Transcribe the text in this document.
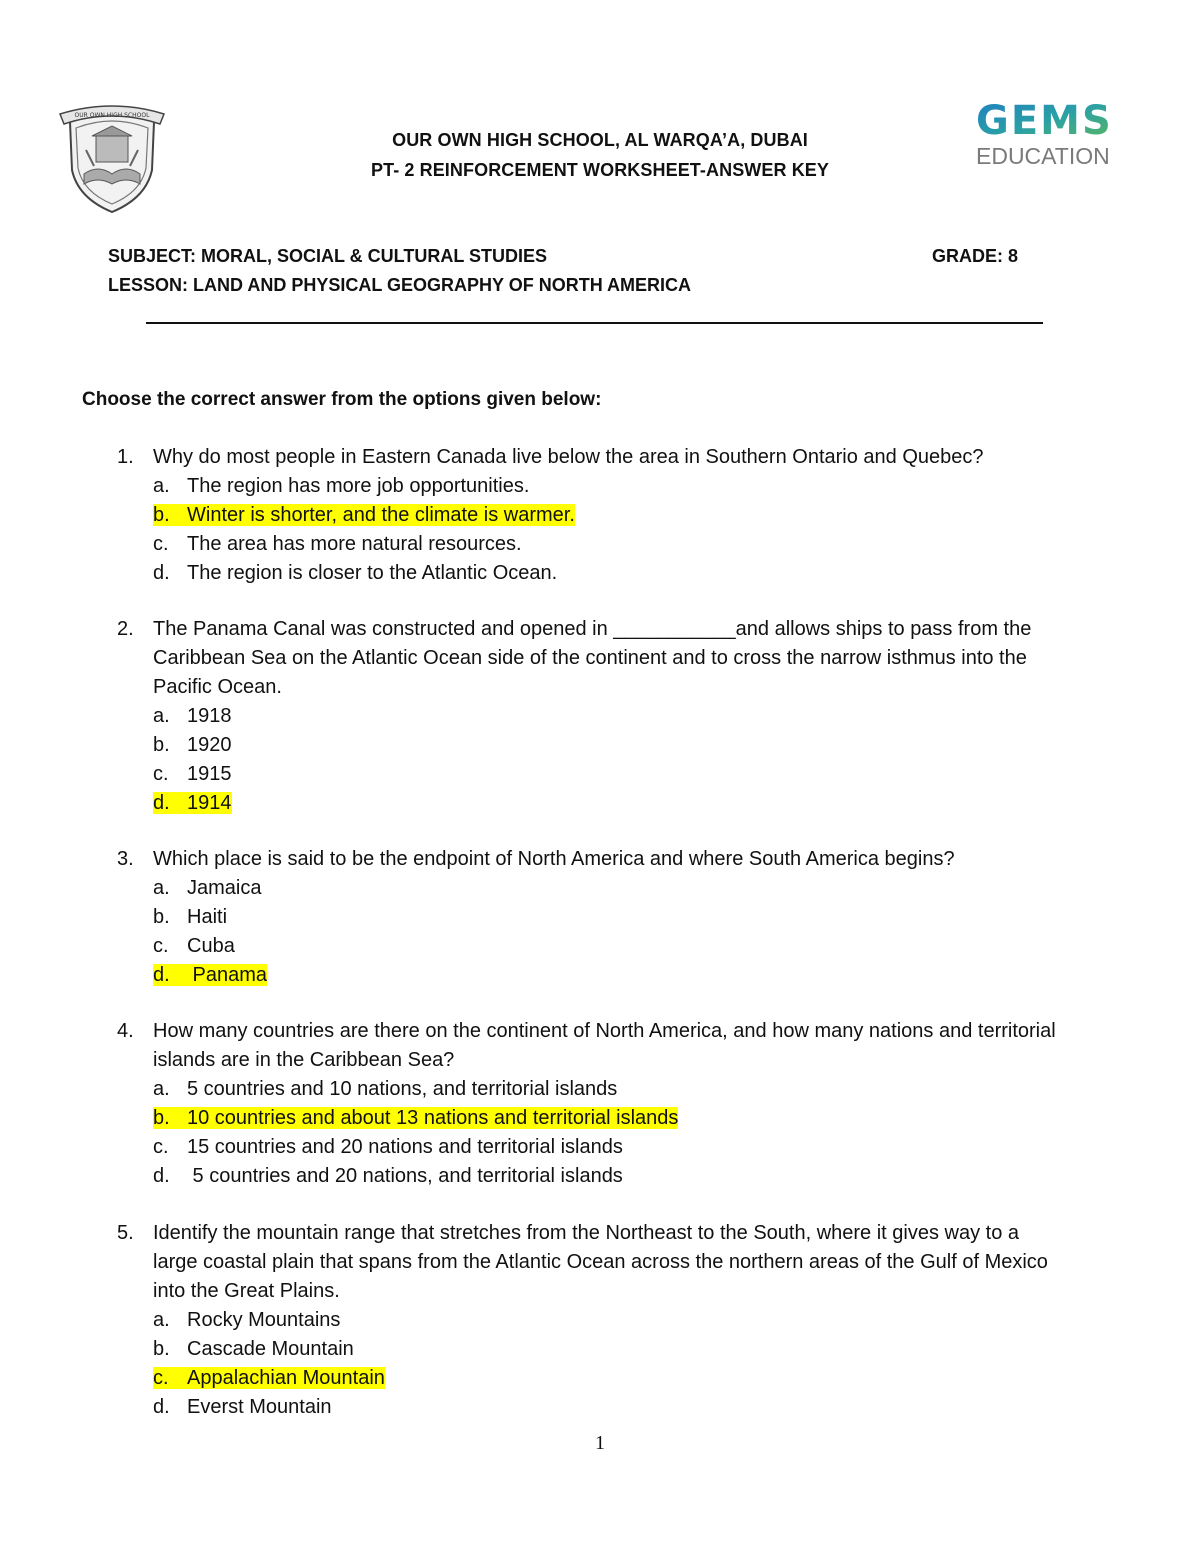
OUR OWN HIGH SCHOOL	GEMS
EDUCATION
OUR OWN HIGH SCHOOL, AL WARQA’A, DUBAI
PT- 2 REINFORCEMENT WORKSHEET-ANSWER KEY
SUBJECT: MORAL, SOCIAL & CULTURAL STUDIES	GRADE: 8
LESSON: LAND AND PHYSICAL GEOGRAPHY OF NORTH AMERICA
Choose the correct answer from the options given below:
1. Why do most people in Eastern Canada live below the area in Southern Ontario and Quebec?
a. The region has more job opportunities.
b. Winter is shorter, and the climate is warmer.
c. The area has more natural resources.
d. The region is closer to the Atlantic Ocean.
2. The Panama Canal was constructed and opened in ___________and allows ships to pass from the Caribbean Sea on the Atlantic Ocean side of the continent and to cross the narrow isthmus into the Pacific Ocean.
a. 1918
b. 1920
c. 1915
d. 1914
3. Which place is said to be the endpoint of North America and where South America begins?
a. Jamaica
b. Haiti
c. Cuba
d. Panama
4. How many countries are there on the continent of North America, and how many nations and territorial islands are in the Caribbean Sea?
a. 5 countries and 10 nations, and territorial islands
b. 10 countries and about 13 nations and territorial islands
c. 15 countries and 20 nations and territorial islands
d. 5 countries and 20 nations, and territorial islands
5. Identify the mountain range that stretches from the Northeast to the South, where it gives way to a large coastal plain that spans from the Atlantic Ocean across the northern areas of the Gulf of Mexico into the Great Plains.
a. Rocky Mountains
b. Cascade Mountain
c. Appalachian Mountain
d. Everst Mountain
1
